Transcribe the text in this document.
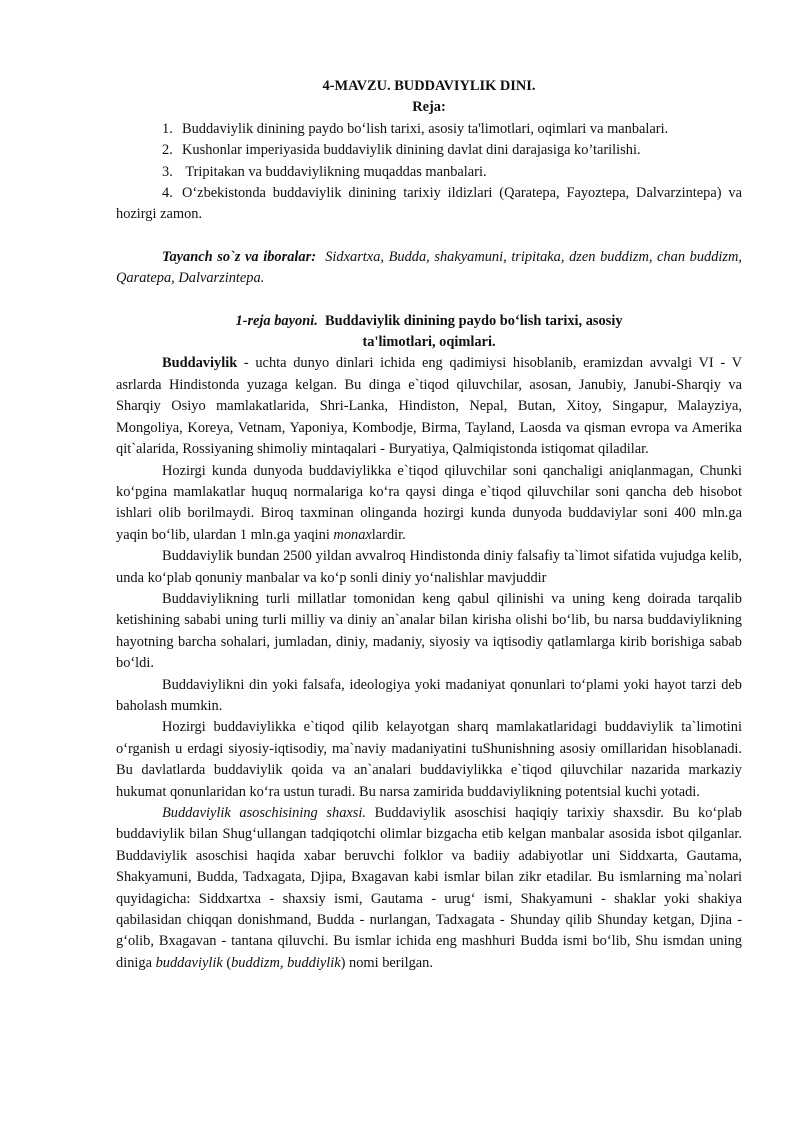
4-MAVZU. BUDDAVIYLIK DINI.

Reja:

1. Buddaviylik dinining paydo bo‘lish tarixi, asosiy ta'limotlari, oqimlari va manbalari.
2. Kushonlar imperiyasida buddaviylik dinining davlat dini darajasiga ko’tarilishi.
3. Tripitakan va buddaviylikning muqaddas manbalari.
4. O‘zbekistonda buddaviylik dinining tarixiy ildizlari (Qaratepa, Fayoztepa, Dalvarzintepa) va hozirgi zamon.

Tayanch so`z va iboralar: Sidxartxa, Budda, shakyamuni, tripitaka, dzen buddizm, chan buddizm, Qaratepa, Dalvarzintepa.

1-reja bayoni. Buddaviylik dinining paydo bo‘lish tarixi, asosiy

ta'limotlari, oqimlari.

Buddaviylik - uchta dunyo dinlari ichida eng qadimiysi hisoblanib, eramizdan avvalgi VI - V asrlarda Hindistonda yuzaga kelgan. Bu dinga e`tiqod qiluvchilar, asosan, Janubiy, Janubi-Sharqiy va Sharqiy Osiyo mamlakatlarida, Shri-Lanka, Hindiston, Nepal, Butan, Xitoy, Singapur, Malayziya, Mongoliya, Koreya, Vetnam, Yaponiya, Kombodje, Birma, Tayland, Laosda va qisman evropa va Amerika qit`alarida, Rossiyaning shimoliy mintaqalari - Buryatiya, Qalmiqistonda istiqomat qiladilar.

Hozirgi kunda dunyoda buddaviylikka e`tiqod qiluvchilar soni qanchaligi aniqlanmagan, Chunki ko‘pgina mamlakatlar huquq normalariga ko‘ra qaysi dinga e`tiqod qiluvchilar soni qancha deb hisobot ishlari olib borilmaydi. Biroq taxminan olinganda hozirgi kunda dunyoda buddaviylar soni 400 mln.ga yaqin bo‘lib, ulardan 1 mln.ga yaqini monaxlardir.

Buddaviylik bundan 2500 yildan avvalroq Hindistonda diniy falsafiy ta`limot sifatida vujudga kelib, unda ko‘plab qonuniy manbalar va ko‘p sonli diniy yo‘nalishlar mavjuddir

Buddaviylikning turli millatlar tomonidan keng qabul qilinishi va uning keng doirada tarqalib ketishining sababi uning turli milliy va diniy an`analar bilan kirisha olishi bo‘lib, bu narsa buddaviylikning hayotning barcha sohalari, jumladan, diniy, madaniy, siyosiy va iqtisodiy qatlamlarga kirib borishiga sabab bo‘ldi.

Buddaviylikni din yoki falsafa, ideologiya yoki madaniyat qonunlari to‘plami yoki hayot tarzi deb baholash mumkin.

Hozirgi buddaviylikka e`tiqod qilib kelayotgan sharq mamlakatlaridagi buddaviylik ta`limotini o‘rganish u erdagi siyosiy-iqtisodiy, ma`naviy madaniyatini tuShunishning asosiy omillaridan hisoblanadi. Bu davlatlarda buddaviylik qoida va an`analari buddaviylikka e`tiqod qiluvchilar nazarida markaziy hukumat qonunlaridan ko‘ra ustun turadi. Bu narsa zamirida buddaviylikning potentsial kuchi yotadi.

Buddaviylik asoschisining shaxsi. Buddaviylik asoschisi haqiqiy tarixiy shaxsdir. Bu ko‘plab buddaviylik bilan Shug‘ullangan tadqiqotchi olimlar bizgacha etib kelgan manbalar asosida isbot qilganlar. Buddaviylik asoschisi haqida xabar beruvchi folklor va badiiy adabiyotlar uni Siddxarta, Gautama, Shakyamuni, Budda, Tadxagata, Djipa, Bxagavan kabi ismlar bilan zikr etadilar. Bu ismlarning ma`nolari quyidagicha: Siddxartxa - shaxsiy ismi, Gautama - urug‘ ismi, Shakyamuni - shaklar yoki shakiya qabilasidan chiqqan donishmand, Budda - nurlangan, Tadxagata - Shunday qilib Shunday ketgan, Djina - g‘olib, Bxagavan - tantana qiluvchi. Bu ismlar ichida eng mashhuri Budda ismi bo‘lib, Shu ismdan uning diniga buddaviylik (buddizm, buddiylik) nomi berilgan.
